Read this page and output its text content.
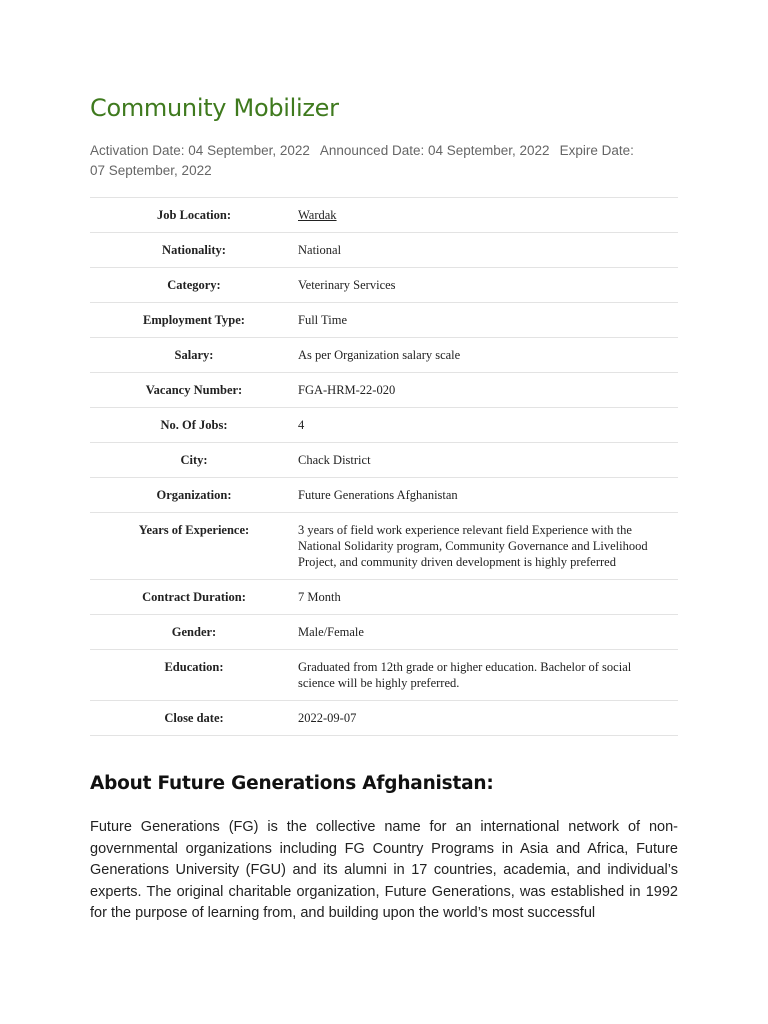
Community Mobilizer
Activation Date: 04 September, 2022 Announced Date: 04 September, 2022 Expire Date: 07 September, 2022
Job Location:	Wardak

Nationality:	National

Category:	Veterinary Services

Employment Type:	Full Time

Salary:	As per Organization salary scale

Vacancy Number:	FGA-HRM-22-020

No. Of Jobs:	4

City:	Chack District

Organization:	Future Generations Afghanistan

Years of Experience:	3 years of field work experience relevant field Experience with the National Solidarity program, Community Governance and Livelihood Project, and community driven development is highly preferred

Contract Duration:	7 Month

Gender:	Male/Female

Education:	Graduated from 12th grade or higher education. Bachelor of social science will be highly preferred.

Close date:	2022-09-07
About Future Generations Afghanistan:

Future Generations (FG) is the collective name for an international network of non-governmental organizations including FG Country Programs in Asia and Africa, Future Generations University (FGU) and its alumni in 17 countries, academia, and individual’s experts. The original charitable organization, Future Generations, was established in 1992 for the purpose of learning from, and building upon the world’s most successful
